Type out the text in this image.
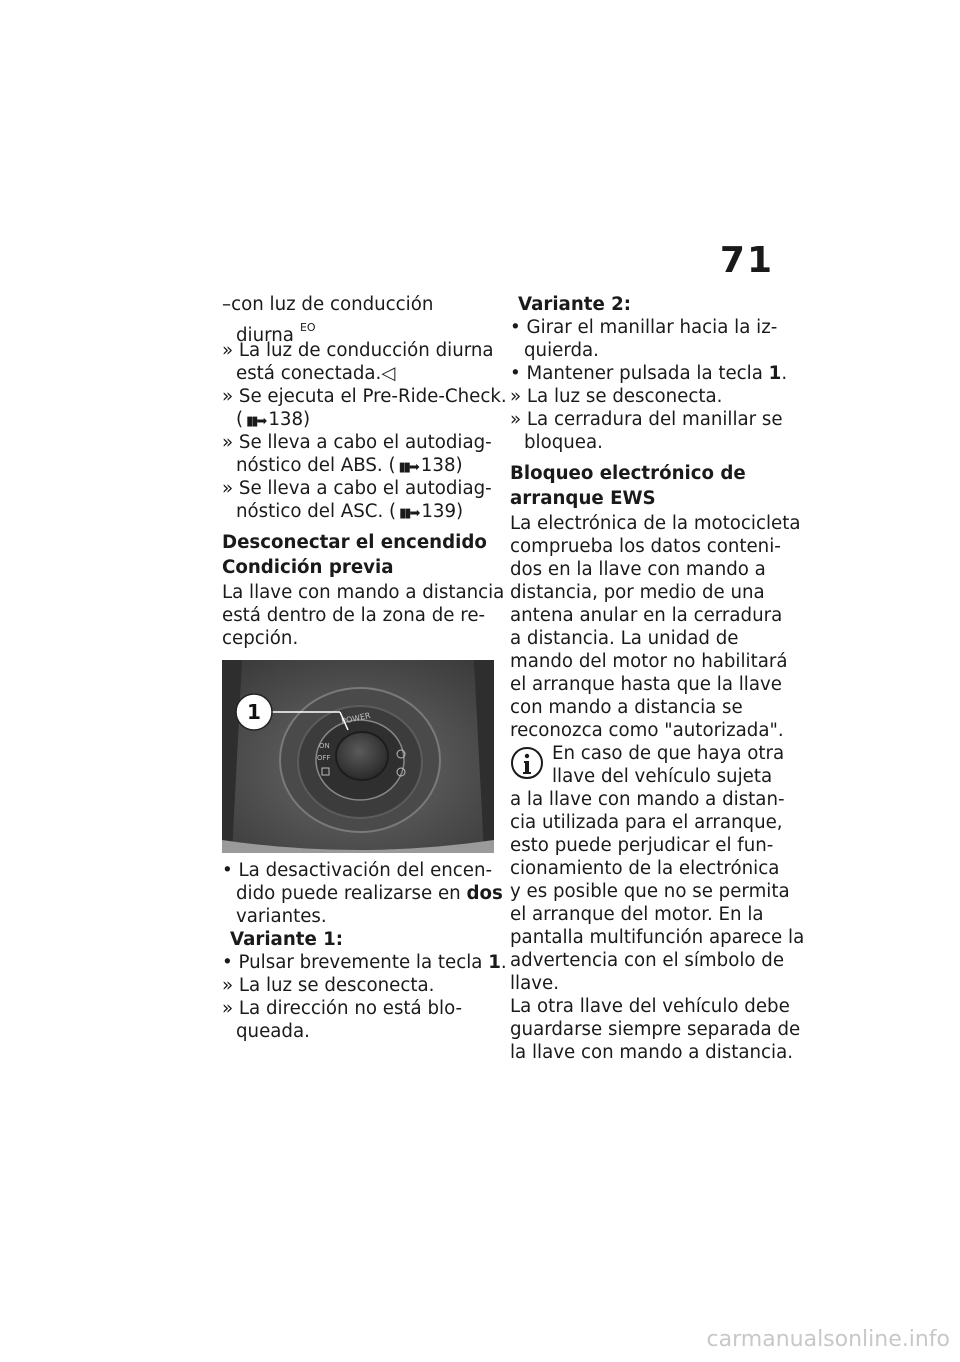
71
–con luz de conducción
diurna $^{EO}$
» La luz de conducción diurna
está conectada.◁
» Se ejecuta el Pre-Ride-Check.
( ▮▮➡ 138)
» Se lleva a cabo el autodiag-
nóstico del ABS. ( ▮▮➡ 138)
» Se lleva a cabo el autodiag-
nóstico del ASC. ( ▮▮➡ 139)
Desconectar el encendido
Condición previa
La llave con mando a distancia
está dentro de la zona de re-
cepción.
POWER
ON
OFF
1
• La desactivación del encen-
dido puede realizarse en dos
variantes.
Variante 1:
• Pulsar brevemente la tecla 1.
» La luz se desconecta.
» La dirección no está blo-
queada.
Variante 2:
• Girar el manillar hacia la iz-
quierda.
• Mantener pulsada la tecla 1.
» La luz se desconecta.
» La cerradura del manillar se
bloquea.
Bloqueo electrónico de
arranque EWS
La electrónica de la motocicleta
comprueba los datos conteni-
dos en la llave con mando a
distancia, por medio de una
antena anular en la cerradura
a distancia. La unidad de
mando del motor no habilitará
el arranque hasta que la llave
con mando a distancia se
reconozca como "autorizada".
En caso de que haya otra
llave del vehículo sujeta
a la llave con mando a distan-
cia utilizada para el arranque,
esto puede perjudicar el fun-
cionamiento de la electrónica
y es posible que no se permita
el arranque del motor. En la
pantalla multifunción aparece la
advertencia con el símbolo de
llave.
La otra llave del vehículo debe
guardarse siempre separada de
la llave con mando a distancia.
carmanualsonline.info
